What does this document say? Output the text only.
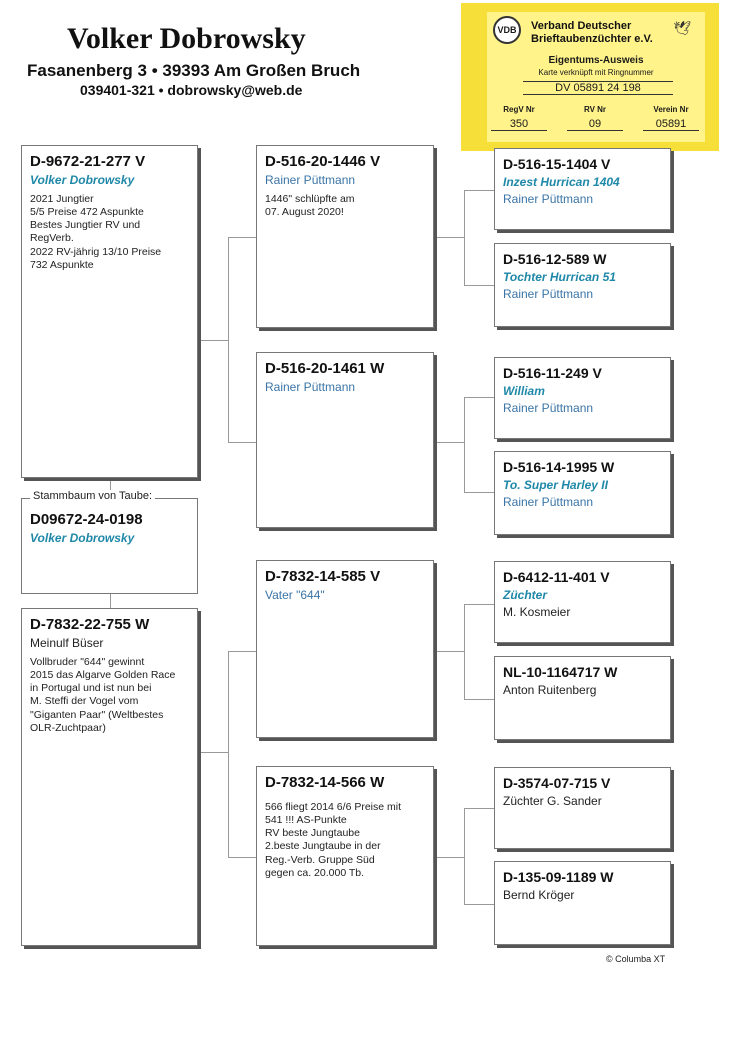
Volker Dobrowsky
Fasanenberg 3 • 39393 Am Großen Bruch
039401-321 • dobrowsky@web.de
VDB	Verband Deutscher
Brieftaubenzüchter e.V.
🕊
Eigentums-Ausweis
Karte verknüpft mit Ringnummer
DV 05891 24 198
RegV Nr
350
RV Nr
09
Verein Nr
05891
D-9672-21-277 V
Volker Dobrowsky
2021 Jungtier
5/5 Preise 472 Aspunkte
Bestes Jungtier RV und
RegVerb.
2022 RV-jährig 13/10 Preise
732 Aspunkte
D09672-24-0198
Volker Dobrowsky
Stammbaum von Taube:
D-7832-22-755 W
Meinulf Büser
Vollbruder "644" gewinnt
2015 das Algarve Golden Race
in Portugal und ist nun bei
M. Steffi der Vogel vom
"Giganten Paar" (Weltbestes
OLR-Zuchtpaar)
D-516-20-1446 V
Rainer Püttmann
1446" schlüpfte am
07. August 2020!
D-516-20-1461 W
Rainer Püttmann
D-7832-14-585 V
Vater "644"
D-7832-14-566 W
566 fliegt 2014 6/6 Preise mit
541 !!! AS-Punkte
RV beste Jungtaube
2.beste Jungtaube in der
Reg.-Verb. Gruppe Süd
gegen ca. 20.000 Tb.
D-516-15-1404 V
Inzest Hurrican 1404
Rainer Püttmann
D-516-12-589 W
Tochter Hurrican 51
Rainer Püttmann
D-516-11-249 V
William
Rainer Püttmann
D-516-14-1995 W
To. Super Harley II
Rainer Püttmann
D-6412-11-401 V
Züchter
M. Kosmeier
NL-10-1164717 W
Anton Ruitenberg
D-3574-07-715 V
Züchter G. Sander
D-135-09-1189 W
Bernd Kröger
© Columba XT
